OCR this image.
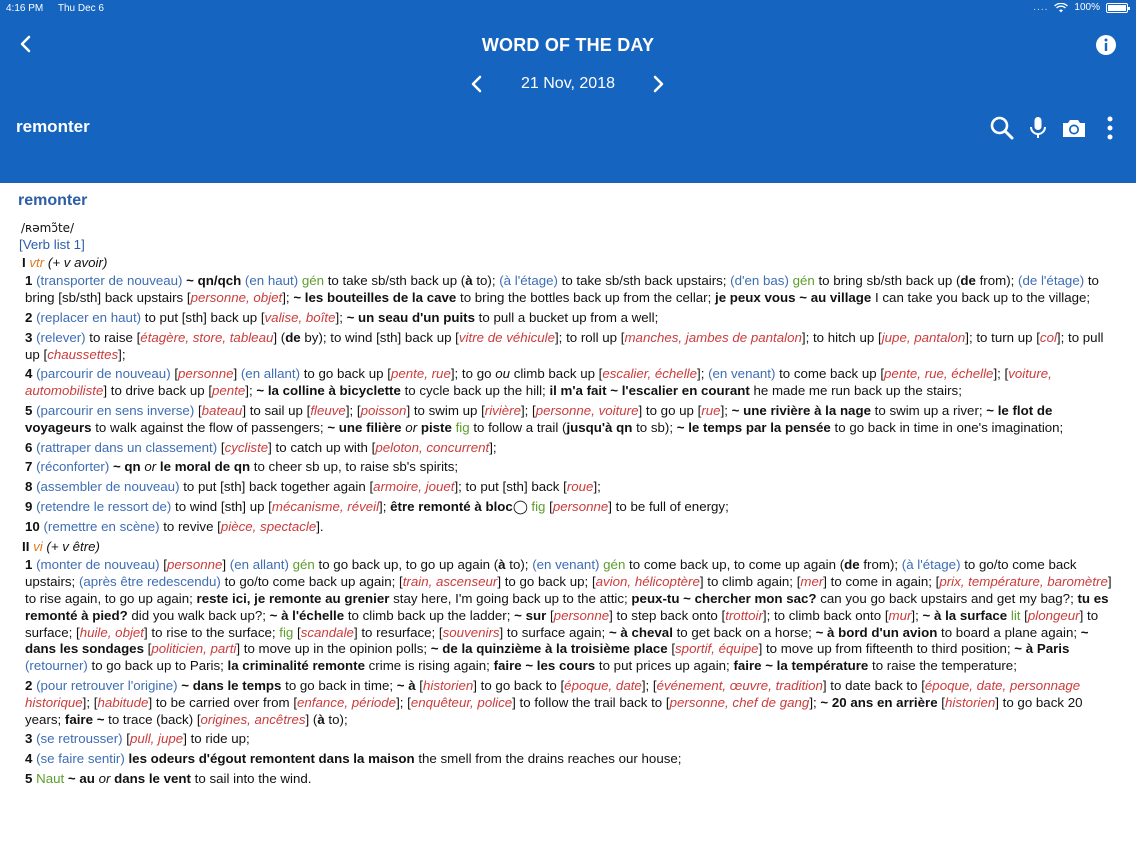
4:16 PM Thu Dec 6	....	100%
WORD OF THE DAY
21 Nov, 2018
remonter
remonter
/ʀəmɔ̃te/
[Verb list 1]
I vtr (+ v avoir)

1 (transporter de nouveau) ~ qn/qch (en haut) gén to take sb/sth back up (à to); (à l'étage) to take sb/sth back upstairs; (d'en bas) gén to bring sb/sth back up (de from); (de l'étage) to bring [sb/sth] back upstairs [personne, objet]; ~ les bouteilles de la cave to bring the bottles back up from the cellar; je peux vous ~ au village I can take you back up to the village;

2 (replacer en haut) to put [sth] back up [valise, boîte]; ~ un seau d'un puits to pull a bucket up from a well;

3 (relever) to raise [étagère, store, tableau] (de by); to wind [sth] back up [vitre de véhicule]; to roll up [manches, jambes de pantalon]; to hitch up [jupe, pantalon]; to turn up [col]; to pull up [chaussettes];

4 (parcourir de nouveau) [personne] (en allant) to go back up [pente, rue]; to go ou climb back up [escalier, échelle]; (en venant) to come back up [pente, rue, échelle]; [voiture, automobiliste] to drive back up [pente]; ~ la colline à bicyclette to cycle back up the hill; il m'a fait ~ l'escalier en courant he made me run back up the stairs;

5 (parcourir en sens inverse) [bateau] to sail up [fleuve]; [poisson] to swim up [rivière]; [personne, voiture] to go up [rue]; ~ une rivière à la nage to swim up a river; ~ le flot de voyageurs to walk against the flow of passengers; ~ une filière or piste fig to follow a trail (jusqu'à qn to sb); ~ le temps par la pensée to go back in time in one's imagination;

6 (rattraper dans un classement) [cycliste] to catch up with [peloton, concurrent];

7 (réconforter) ~ qn or le moral de qn to cheer sb up, to raise sb's spirits;

8 (assembler de nouveau) to put [sth] back together again [armoire, jouet]; to put [sth] back [roue];

9 (retendre le ressort de) to wind [sth] up [mécanisme, réveil]; être remonté à bloc◯ fig [personne] to be full of energy;

10 (remettre en scène) to revive [pièce, spectacle].

II vi (+ v être)

1 (monter de nouveau) [personne] (en allant) gén to go back up, to go up again (à to); (en venant) gén to come back up, to come up again (de from); (à l'étage) to go/to come back upstairs; (après être redescendu) to go/to come back up again; [train, ascenseur] to go back up; [avion, hélicoptère] to climb again; [mer] to come in again; [prix, température, baromètre] to rise again, to go up again; reste ici, je remonte au grenier stay here, I'm going back up to the attic; peux-tu ~ chercher mon sac? can you go back upstairs and get my bag?; tu es remonté à pied? did you walk back up?; ~ à l'échelle to climb back up the ladder; ~ sur [personne] to step back onto [trottoir]; to climb back onto [mur]; ~ à la surface lit [plongeur] to surface; [huile, objet] to rise to the surface; fig [scandale] to resurface; [souvenirs] to surface again; ~ à cheval to get back on a horse; ~ à bord d'un avion to board a plane again; ~ dans les sondages [politicien, parti] to move up in the opinion polls; ~ de la quinzième à la troisième place [sportif, équipe] to move up from fifteenth to third position; ~ à Paris (retourner) to go back up to Paris; la criminalité remonte crime is rising again; faire ~ les cours to put prices up again; faire ~ la température to raise the temperature;

2 (pour retrouver l'origine) ~ dans le temps to go back in time; ~ à [historien] to go back to [époque, date]; [événement, œuvre, tradition] to date back to [époque, date, personnage historique]; [habitude] to be carried over from [enfance, période]; [enquêteur, police] to follow the trail back to [personne, chef de gang]; ~ 20 ans en arrière [historien] to go back 20 years; faire ~ to trace (back) [origines, ancêtres] (à to);

3 (se retrousser) [pull, jupe] to ride up;

4 (se faire sentir) les odeurs d'égout remontent dans la maison the smell from the drains reaches our house;

5 Naut ~ au or dans le vent to sail into the wind.
